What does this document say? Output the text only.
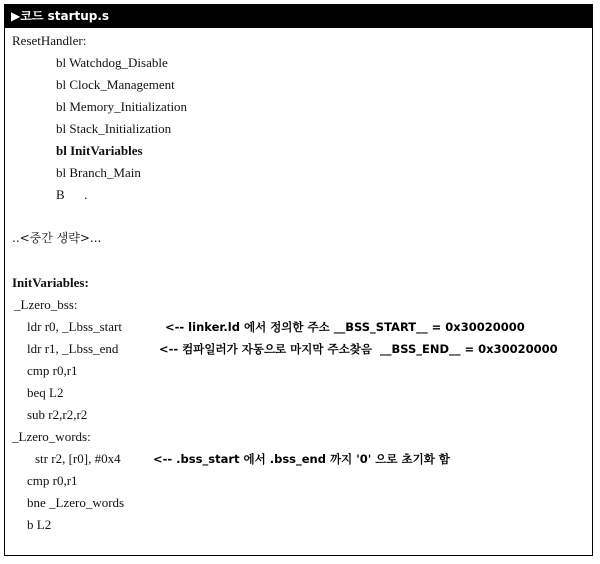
▶코드 startup.s
ResetHandler:
bl Watchdog_Disable
bl Clock_Management
bl Memory_Initialization
bl Stack_Initialization
bl InitVariables
bl Branch_Main
B      .
..<중간 생략>...
InitVariables:
_Lzero_bss:
ldr r0, _Lbss_start	<-- linker.ld 에서 정의한 주소 __BSS_START__ = 0x30020000
ldr r1, _Lbss_end	<-- 컴파일러가 자동으로 마지막 주소찾음  __BSS_END__ = 0x30020000
cmp r0,r1
beq L2
sub r2,r2,r2
_Lzero_words:
str r2, [r0], #0x4	<-- .bss_start 에서 .bss_end 까지 '0' 으로 초기화 함
cmp r0,r1
bne _Lzero_words
b L2
